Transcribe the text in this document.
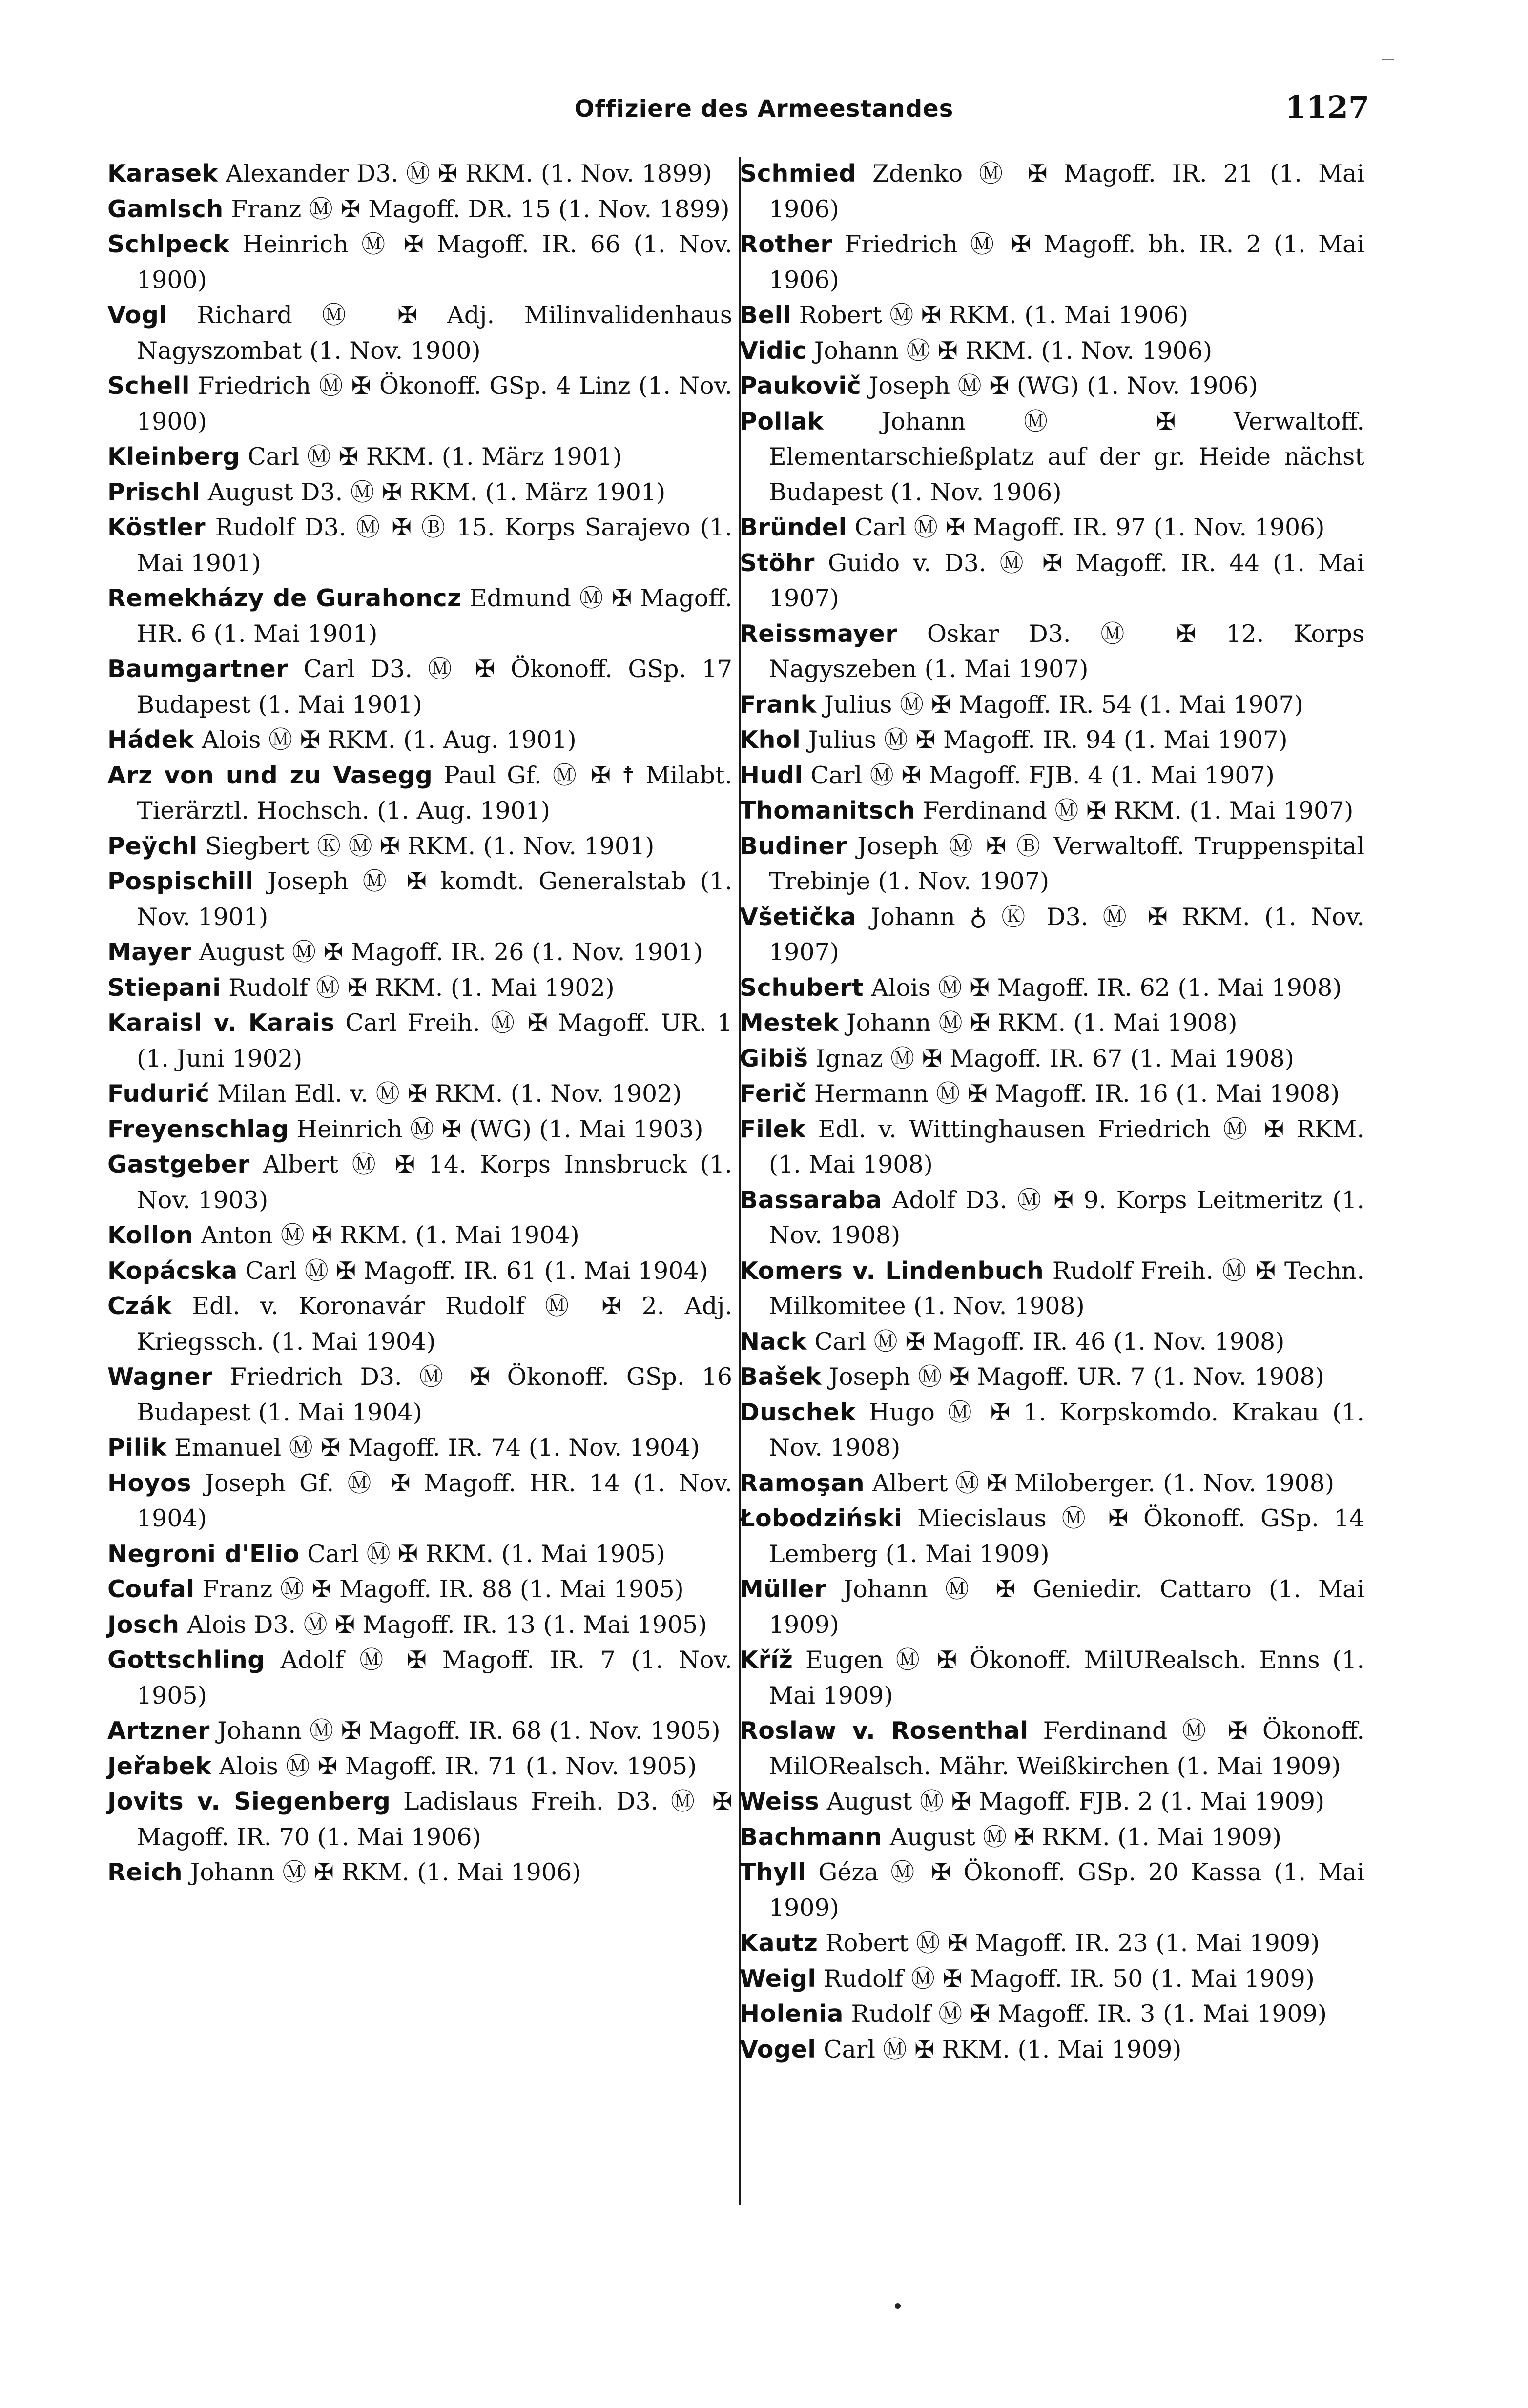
Offiziere des Armeestandes	1127
Karasek Alexander D3. Ⓜ ✠ RKM. (1. Nov. 1899)
Gamlsch Franz Ⓜ ✠ Magoff. DR. 15 (1. Nov. 1899)
Schlpeck Heinrich Ⓜ ✠ Magoff. IR. 66 (1. Nov. 1900)
Vogl Richard Ⓜ ✠ Adj. Milinvalidenhaus Nagyszombat (1. Nov. 1900)
Schell Friedrich Ⓜ ✠ Ökonoff. GSp. 4 Linz (1. Nov. 1900)
Kleinberg Carl Ⓜ ✠ RKM. (1. März 1901)
Prischl August D3. Ⓜ ✠ RKM. (1. März 1901)
Köstler Rudolf D3. Ⓜ ✠ Ⓑ 15. Korps Sarajevo (1. Mai 1901)
Remekházy de Gurahoncz Edmund Ⓜ ✠ Magoff. HR. 6 (1. Mai 1901)
Baumgartner Carl D3. Ⓜ ✠ Ökonoff. GSp. 17 Budapest (1. Mai 1901)
Hádek Alois Ⓜ ✠ RKM. (1. Aug. 1901)
Arz von und zu Vasegg Paul Gf. Ⓜ ✠ ☨ Milabt. Tierärztl. Hochsch. (1. Aug. 1901)
Peÿchl Siegbert Ⓚ Ⓜ ✠ RKM. (1. Nov. 1901)
Pospischill Joseph Ⓜ ✠ komdt. Generalstab (1. Nov. 1901)
Mayer August Ⓜ ✠ Magoff. IR. 26 (1. Nov. 1901)
Stiepani Rudolf Ⓜ ✠ RKM. (1. Mai 1902)
Karaisl v. Karais Carl Freih. Ⓜ ✠ Magoff. UR. 1 (1. Juni 1902)
Fudurić Milan Edl. v. Ⓜ ✠ RKM. (1. Nov. 1902)
Freyenschlag Heinrich Ⓜ ✠ (WG) (1. Mai 1903)
Gastgeber Albert Ⓜ ✠ 14. Korps Innsbruck (1. Nov. 1903)
Kollon Anton Ⓜ ✠ RKM. (1. Mai 1904)
Kopácska Carl Ⓜ ✠ Magoff. IR. 61 (1. Mai 1904)
Czák Edl. v. Koronavár Rudolf Ⓜ ✠ 2. Adj. Kriegssch. (1. Mai 1904)
Wagner Friedrich D3. Ⓜ ✠ Ökonoff. GSp. 16 Budapest (1. Mai 1904)
Pilik Emanuel Ⓜ ✠ Magoff. IR. 74 (1. Nov. 1904)
Hoyos Joseph Gf. Ⓜ ✠ Magoff. HR. 14 (1. Nov. 1904)
Negroni d'Elio Carl Ⓜ ✠ RKM. (1. Mai 1905)
Coufal Franz Ⓜ ✠ Magoff. IR. 88 (1. Mai 1905)
Josch Alois D3. Ⓜ ✠ Magoff. IR. 13 (1. Mai 1905)
Gottschling Adolf Ⓜ ✠ Magoff. IR. 7 (1. Nov. 1905)
Artzner Johann Ⓜ ✠ Magoff. IR. 68 (1. Nov. 1905)
Jeřabek Alois Ⓜ ✠ Magoff. IR. 71 (1. Nov. 1905)
Jovits v. Siegenberg Ladislaus Freih. D3. Ⓜ ✠ Magoff. IR. 70 (1. Mai 1906)
Reich Johann Ⓜ ✠ RKM. (1. Mai 1906)
Schmied Zdenko Ⓜ ✠ Magoff. IR. 21 (1. Mai 1906)
Rother Friedrich Ⓜ ✠ Magoff. bh. IR. 2 (1. Mai 1906)
Bell Robert Ⓜ ✠ RKM. (1. Mai 1906)
Vidic Johann Ⓜ ✠ RKM. (1. Nov. 1906)
Paukovič Joseph Ⓜ ✠ (WG) (1. Nov. 1906)
Pollak Johann Ⓜ ✠ Verwaltoff. Elementarschießplatz auf der gr. Heide nächst Budapest (1. Nov. 1906)
Bründel Carl Ⓜ ✠ Magoff. IR. 97 (1. Nov. 1906)
Stöhr Guido v. D3. Ⓜ ✠ Magoff. IR. 44 (1. Mai 1907)
Reissmayer Oskar D3. Ⓜ ✠ 12. Korps Nagyszeben (1. Mai 1907)
Frank Julius Ⓜ ✠ Magoff. IR. 54 (1. Mai 1907)
Khol Julius Ⓜ ✠ Magoff. IR. 94 (1. Mai 1907)
Hudl Carl Ⓜ ✠ Magoff. FJB. 4 (1. Mai 1907)
Thomanitsch Ferdinand Ⓜ ✠ RKM. (1. Mai 1907)
Budiner Joseph Ⓜ ✠ Ⓑ Verwaltoff. Truppenspital Trebinje (1. Nov. 1907)
Všetička Johann ♁ Ⓚ D3. Ⓜ ✠ RKM. (1. Nov. 1907)
Schubert Alois Ⓜ ✠ Magoff. IR. 62 (1. Mai 1908)
Mestek Johann Ⓜ ✠ RKM. (1. Mai 1908)
Gibiš Ignaz Ⓜ ✠ Magoff. IR. 67 (1. Mai 1908)
Ferič Hermann Ⓜ ✠ Magoff. IR. 16 (1. Mai 1908)
Filek Edl. v. Wittinghausen Friedrich Ⓜ ✠ RKM. (1. Mai 1908)
Bassaraba Adolf D3. Ⓜ ✠ 9. Korps Leitmeritz (1. Nov. 1908)
Komers v. Lindenbuch Rudolf Freih. Ⓜ ✠ Techn. Milkomitee (1. Nov. 1908)
Nack Carl Ⓜ ✠ Magoff. IR. 46 (1. Nov. 1908)
Bašek Joseph Ⓜ ✠ Magoff. UR. 7 (1. Nov. 1908)
Duschek Hugo Ⓜ ✠ 1. Korpskomdo. Krakau (1. Nov. 1908)
Ramoşan Albert Ⓜ ✠ Miloberger. (1. Nov. 1908)
Łobodziński Miecislaus Ⓜ ✠ Ökonoff. GSp. 14 Lemberg (1. Mai 1909)
Müller Johann Ⓜ ✠ Geniedir. Cattaro (1. Mai 1909)
Kříž Eugen Ⓜ ✠ Ökonoff. MilURealsch. Enns (1. Mai 1909)
Roslaw v. Rosenthal Ferdinand Ⓜ ✠ Ökonoff. MilORealsch. Mähr. Weißkirchen (1. Mai 1909)
Weiss August Ⓜ ✠ Magoff. FJB. 2 (1. Mai 1909)
Bachmann August Ⓜ ✠ RKM. (1. Mai 1909)
Thyll Géza Ⓜ ✠ Ökonoff. GSp. 20 Kassa (1. Mai 1909)
Kautz Robert Ⓜ ✠ Magoff. IR. 23 (1. Mai 1909)
Weigl Rudolf Ⓜ ✠ Magoff. IR. 50 (1. Mai 1909)
Holenia Rudolf Ⓜ ✠ Magoff. IR. 3 (1. Mai 1909)
Vogel Carl Ⓜ ✠ RKM. (1. Mai 1909)
